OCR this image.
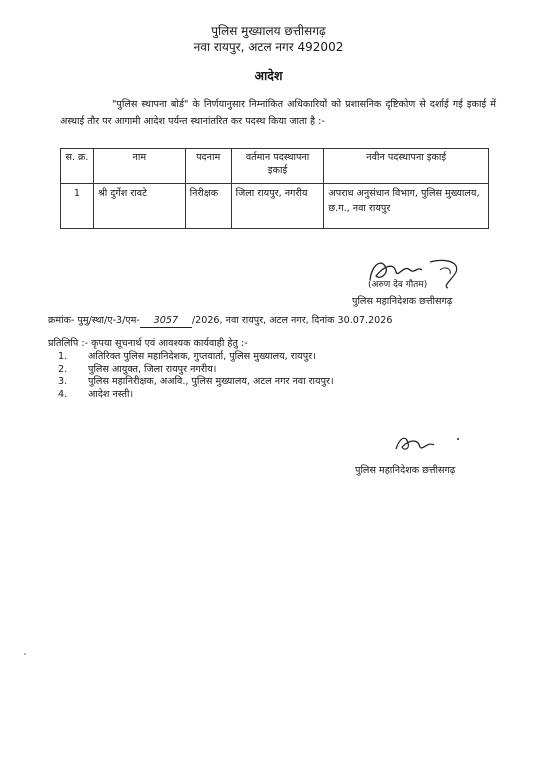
पुलिस मुख्यालय छत्तीसगढ़
नवा रायपुर, अटल नगर 492002
आदेश
"पुलिस स्थापना बोर्ड" के निर्णयानुसार निम्नांकित अधिकारियों को प्रशासनिक दृष्टिकोण से दर्शाई गई इकाई में अस्थाई तौर पर आगामी आदेश पर्यन्त स्थानांतरित कर पदस्थ किया जाता है :-
स. क्र.	नाम	पदनाम	वर्तमान पदस्थापना इकाई	नवीन पदस्थापना इकाई
1	श्री दुर्गेश रावटे	निरीक्षक	जिला रायपुर, नगरीय	अपराध अनुसंधान विभाग, पुलिस मुख्यालय, छ.ग., नवा रायपुर
(अरुण देव गौतम)
पुलिस महानिदेशक छत्तीसगढ़
क्रमांक- पुमु/स्था/ए-3/एम- 3057 /2026, नवा रायपुर, अटल नगर, दिनांक 30.07.2026
प्रतिलिपि :- कृपया सूचनार्थ एवं आवश्यक कार्यवाही हेतु :-
1. अतिरिक्त पुलिस महानिदेशक, गुप्तवार्ता, पुलिस मुख्यालय, रायपुर।
2. पुलिस आयुक्त, जिला रायपुर नगरीय।
3. पुलिस महानिरीक्षक, अअवि., पुलिस मुख्यालय, अटल नगर नवा रायपुर।
4. आदेश नस्ती।
पुलिस महानिदेशक छत्तीसगढ़
